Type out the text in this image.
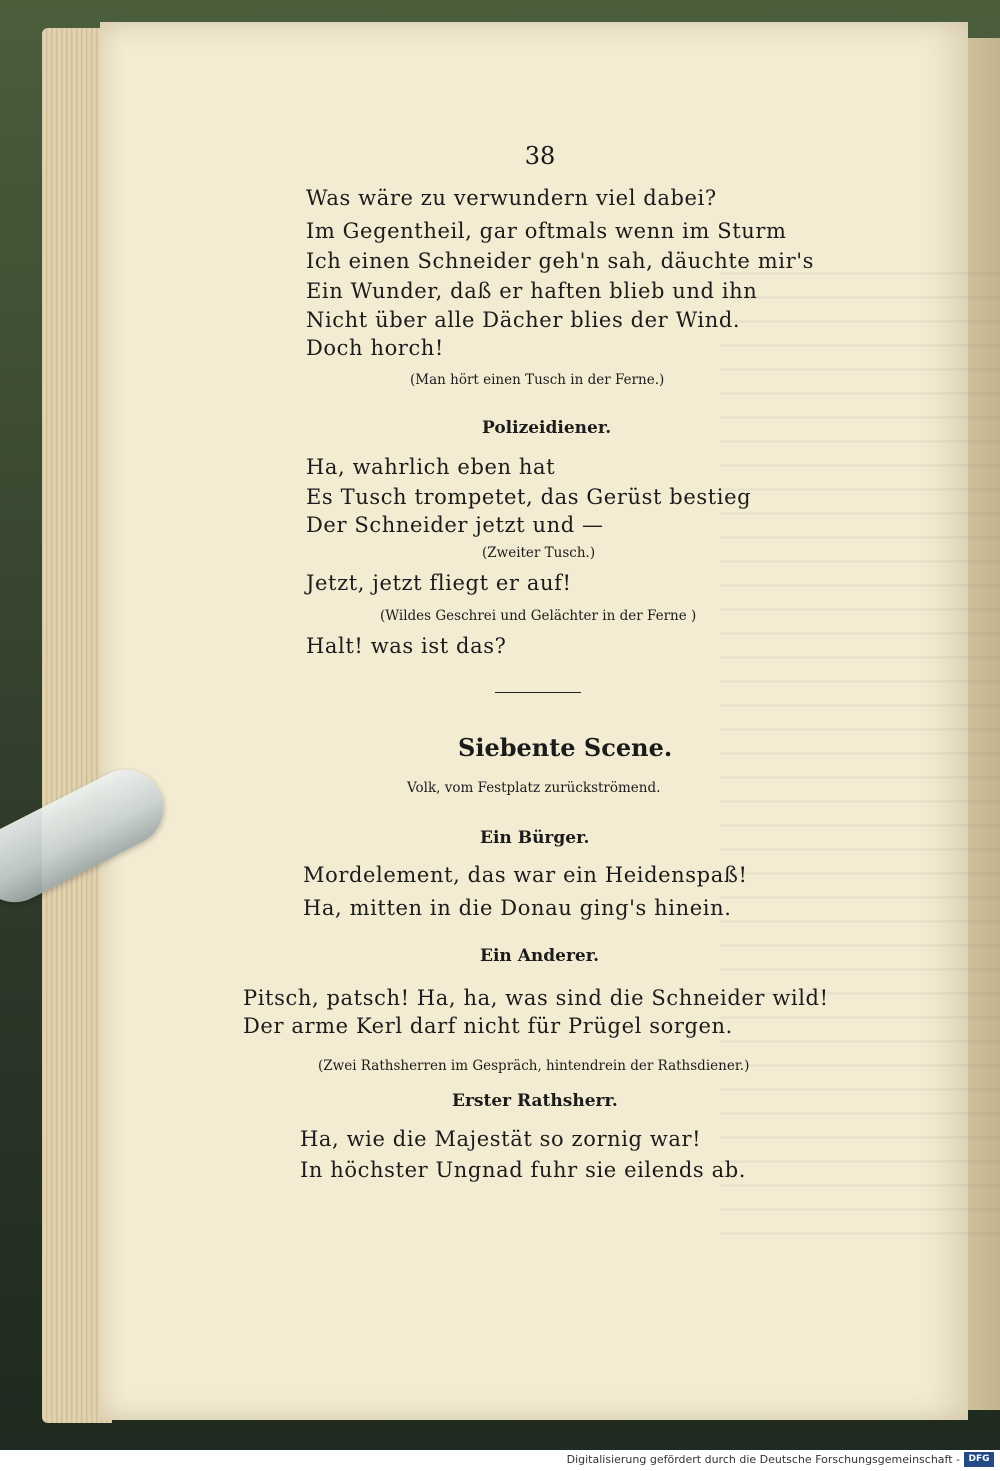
38
Was wäre zu verwundern viel dabei?
Im Gegentheil, gar oftmals wenn im Sturm
Ich einen Schneider geh'n sah, däuchte mir's
Ein Wunder, daß er haften blieb und ihn
Nicht über alle Dächer blies der Wind.
Doch horch!
(Man hört einen Tusch in der Ferne.)
Polizeidiener.
Ha, wahrlich eben hat
Es Tusch trompetet, das Gerüst bestieg
Der Schneider jetzt und —
(Zweiter Tusch.)
Jetzt, jetzt fliegt er auf!
(Wildes Geschrei und Gelächter in der Ferne )
Halt! was ist das?
Siebente Scene.
Volk, vom Festplatz zurückströmend.
Ein Bürger.
Mordelement, das war ein Heidenspaß!
Ha, mitten in die Donau ging's hinein.
Ein Anderer.
Pitsch, patsch! Ha, ha, was sind die Schneider wild!
Der arme Kerl darf nicht für Prügel sorgen.
(Zwei Rathsherren im Gespräch, hintendrein der Rathsdiener.)
Erster Rathsherr.
Ha, wie die Majestät so zornig war!
In höchster Ungnad fuhr sie eilends ab.
Digitalisierung gefördert durch die Deutsche Forschungsgemeinschaft - DFG
